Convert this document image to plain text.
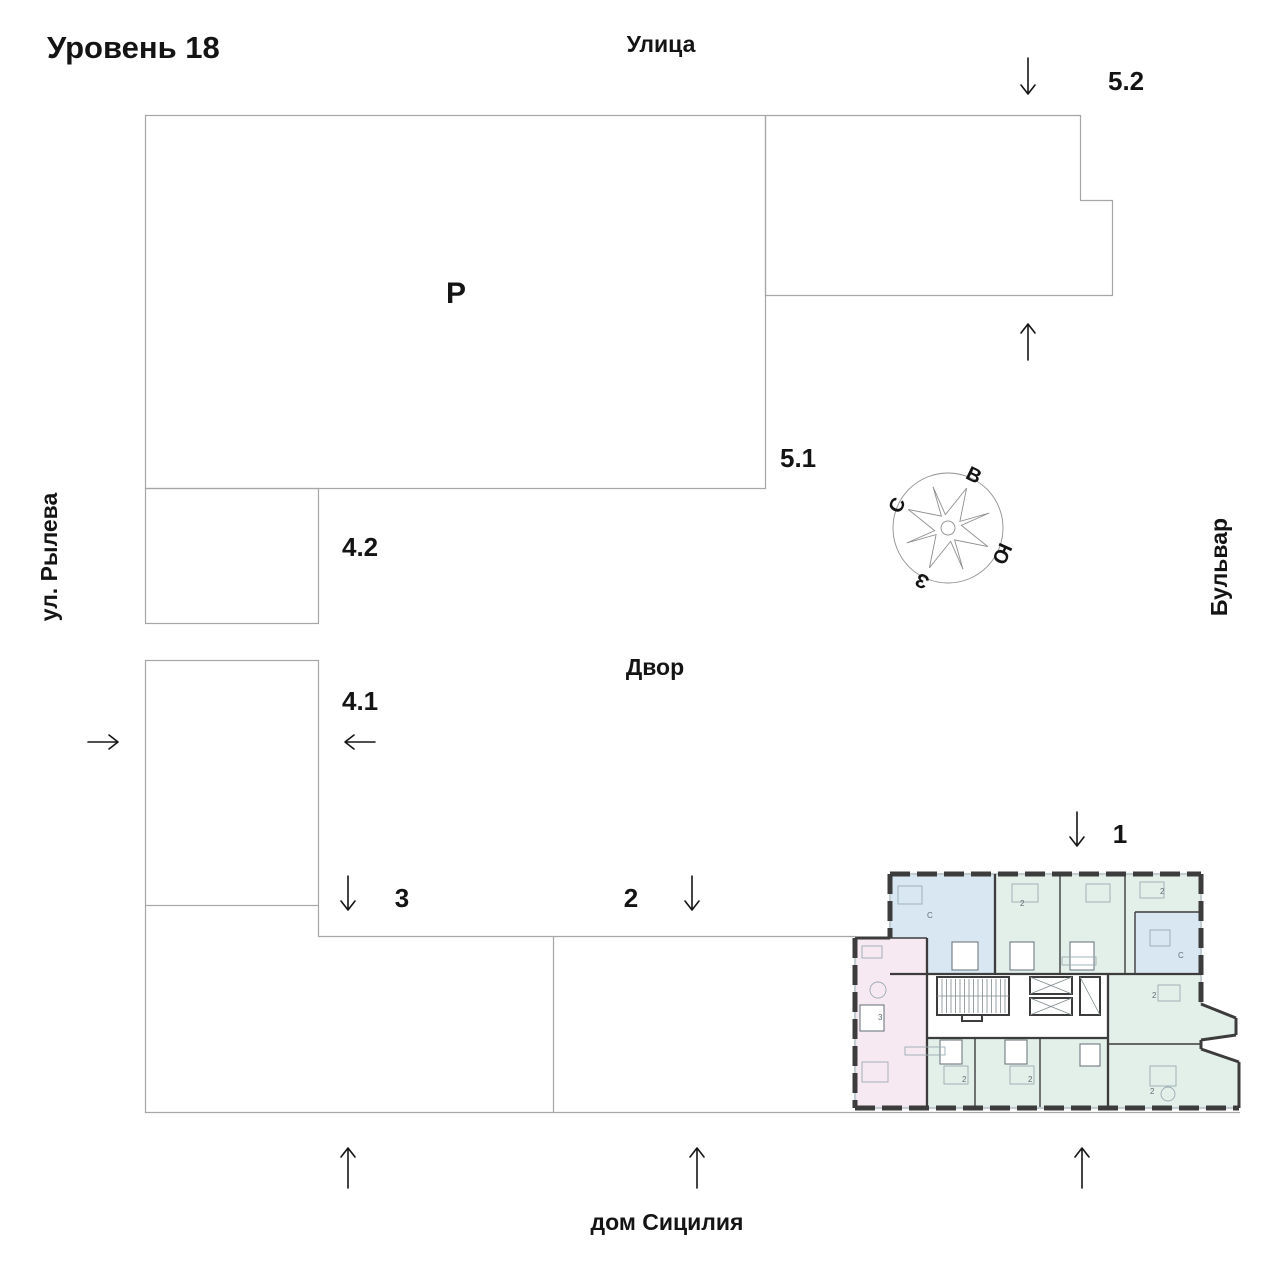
С
2
2
С
2
3
2	2
2
С
В
Ю
З
Уровень 18	Улица
ул. Рылева	Бульвар
дом Сицилия
Двор
Р
5.2
5.1
4.2
4.1
3	2
1
